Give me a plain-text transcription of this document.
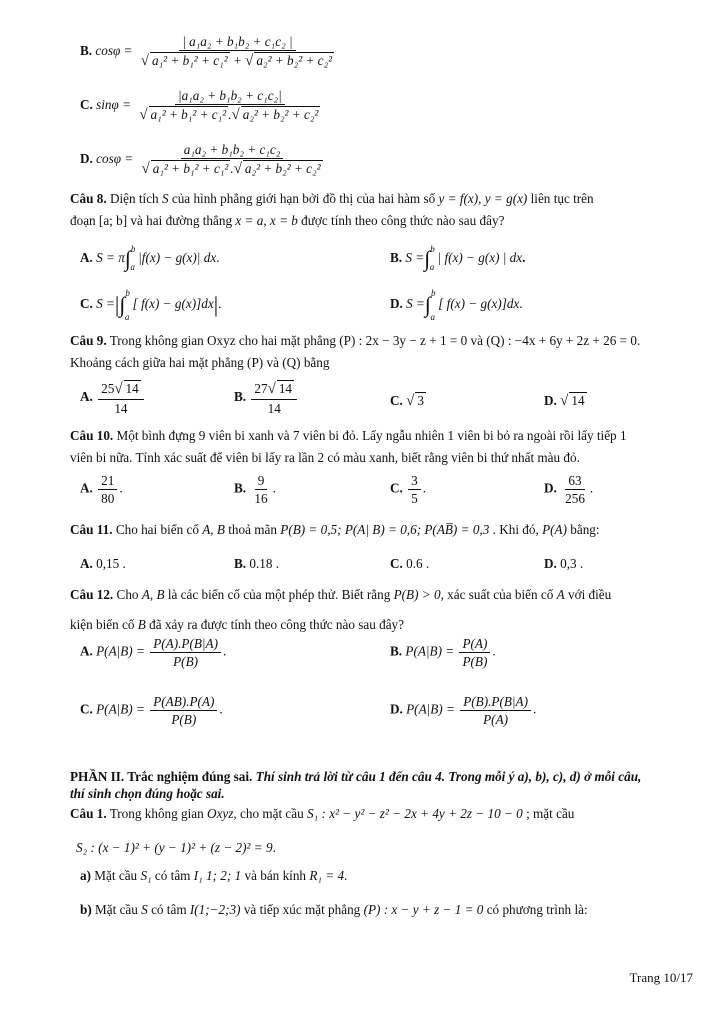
B. $\cos\varphi = \frac{\text{| a₁a₂ + b₁b₂ + c₁c₂ |}}{\text{√ a₁² + b₁² + c₁² + √ a₂² + b₂² + c₂²}}$
C. $\sin\varphi = \frac{\text{|a₁a₂ + b₁b₂ + c₁c₂|}}{\text{√ a₁² + b₁² + c₁² .√ a₂² + b₂² + c₂²}}$
D. $\cos\varphi = \frac{\text{a₁a₂ + b₁b₂ + c₁c₂}}{\text{√ a₁² + b₁² + c₁² .√ a₂² + b₂² + c₂²}}$
Câu 8. Diện tích S của hình phẳng giới hạn bởi đồ thị của hai hàm số y = f(x), y = g(x) liên tục trên
đoạn [a; b] và hai đường thẳng x = a, x = b được tính theo công thức nào sau đây?
A. S = π∫$^b_a$ |f(x) − g(x)| dx.	B. S =∫$^b_a$ | f(x) − g(x) | dx.
C. S =|∫$^b_a$ [ f(x) − g(x)]dx|.	D. S =∫$^b_a$ [ f(x) − g(x)]dx.
Câu 9. Trong không gian Oxyz cho hai mặt phẳng (P) : 2x − 3y − z + 1 = 0 và (Q) : −4x + 6y + 2z + 26 = 0.
Khoảng cách giữa hai mặt phẳng (P) và (Q) bằng
A. $\frac{25√ 14}{14}$	B. $\frac{27√ 14}{14}$	C. √ 3	D. √ 14
Câu 10. Một bình đựng 9 viên bi xanh và 7 viên bi đỏ. Lấy ngẫu nhiên 1 viên bi bỏ ra ngoài rồi lấy tiếp 1
viên bi nữa. Tính xác suất để viên bi lấy ra lần 2 có màu xanh, biết rằng viên bi thứ nhất màu đỏ.
A. $\frac{21}{80}$ .	B. $\frac{9}{16}$ .	C. $\frac{3}{5}$ .	D. $\frac{63}{256}$ .
Câu 11. Cho hai biến cố A, B thoả mãn P(B) = 0,5; P(A| B) = 0,6; P(AB̅) = 0,3 . Khi đó, P(A) bằng:
A. 0,15 .	B. 0.18 .	C. 0.6 .	D. 0,3 .
Câu 12. Cho A, B là các biến cố của một phép thử. Biết rằng P(B) > 0, xác suất của biến cố A với điều
kiện biến cố B đã xảy ra được tính theo công thức nào sau đây?
A. $P(A|B) = \frac{P(A).P(B|A)}{P(B)}$ .	B. $P(A|B) = \frac{P(A)}{P(B)}$ .
C. $P(A|B) = \frac{P(AB).P(A)}{P(B)}$ .	D. $P(A|B) = \frac{P(B).P(B|A)}{P(A)}$ .
PHẦN II. Trắc nghiệm đúng sai. Thí sinh trả lời từ câu 1 đến câu 4. Trong mỗi ý a), b), c), d) ở mỗi câu,
thí sinh chọn đúng hoặc sai.
Câu 1. Trong không gian Oxyz, cho mặt cầu S₁ : x² − y² − z² − 2x + 4y + 2z − 10 − 0 ; mặt cầu
S₂ : (x − 1)² + (y − 1)² + (z − 2)² = 9.
a) Mặt cầu S₁ có tâm I₁ 1; 2; 1 và bán kính R₁ = 4.
b) Mặt cầu S có tâm I(1;−2;3) và tiếp xúc mặt phẳng (P) : x − y + z − 1 = 0 có phương trình là:
Trang 10/17
